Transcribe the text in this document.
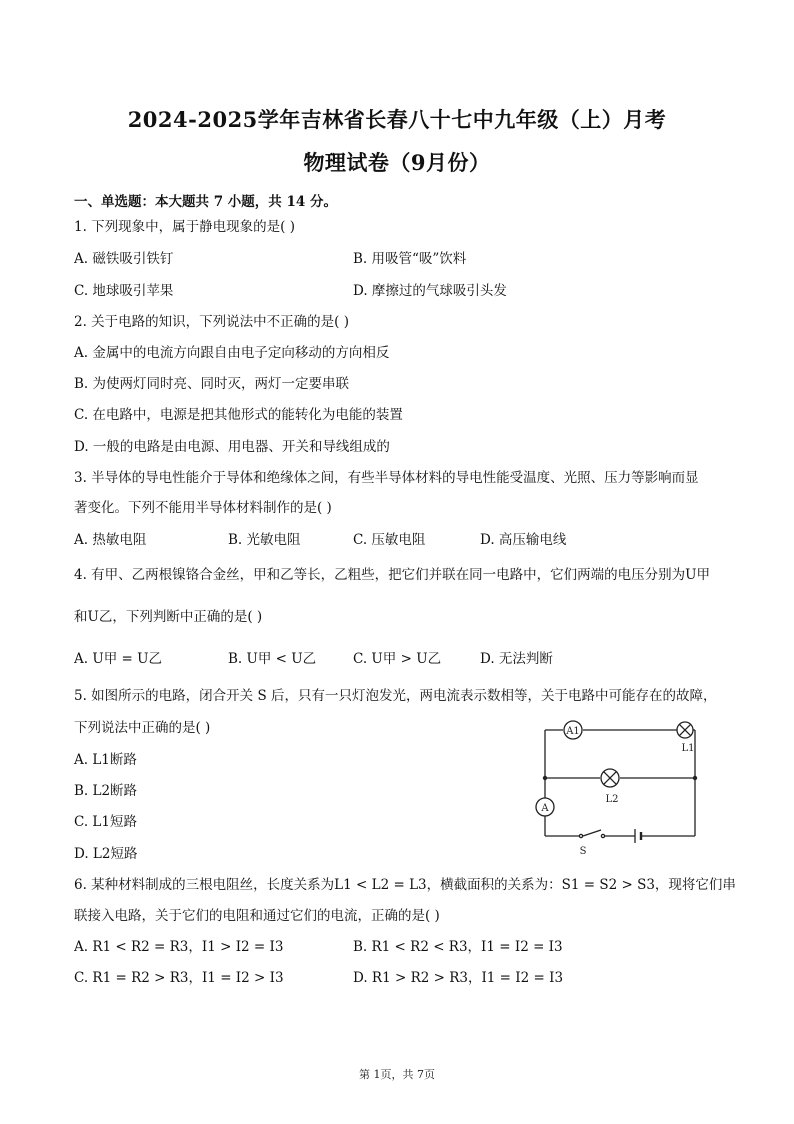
2024-2025学年吉林省长春八十七中九年级（上）月考
物理试卷（9月份）
一、单选题：本大题共 7 小题，共 14 分。
1. 下列现象中，属于静电现象的是( )
A. 磁铁吸引铁钉	B. 用吸管“吸”饮料
C. 地球吸引苹果	D. 摩擦过的气球吸引头发
2. 关于电路的知识，下列说法中不正确的是( )
A. 金属中的电流方向跟自由电子定向移动的方向相反
B. 为使两灯同时亮、同时灭，两灯一定要串联
C. 在电路中，电源是把其他形式的能转化为电能的装置
D. 一般的电路是由电源、用电器、开关和导线组成的
3. 半导体的导电性能介于导体和绝缘体之间，有些半导体材料的导电性能受温度、光照、压力等影响而显
著变化。下列不能用半导体材料制作的是( )
A. 热敏电阻	B. 光敏电阻	C. 压敏电阻	D. 高压输电线
4. 有甲、乙两根镍铬合金丝，甲和乙等长，乙粗些，把它们并联在同一电路中，它们两端的电压分别为U甲
和U乙，下列判断中正确的是( )
A. U甲 = U乙	B. U甲 < U乙	C. U甲 > U乙	D. 无法判断
5. 如图所示的电路，闭合开关 S 后，只有一只灯泡发光，两电流表示数相等，关于电路中可能存在的故障，
下列说法中正确的是( )
A. L1断路
B. L2断路
C. L1短路
D. L2短路
A1
L1
L2
A
S
6. 某种材料制成的三根电阻丝，长度关系为L1 < L2 = L3，横截面积的关系为：S1 = S2 > S3，现将它们串
联接入电路，关于它们的电阻和通过它们的电流，正确的是( )
A. R1 < R2 = R3，I1 > I2 = I3	B. R1 < R2 < R3，I1 = I2 = I3
C. R1 = R2 > R3，I1 = I2 > I3	D. R1 > R2 > R3，I1 = I2 = I3
第 1页，共 7页
